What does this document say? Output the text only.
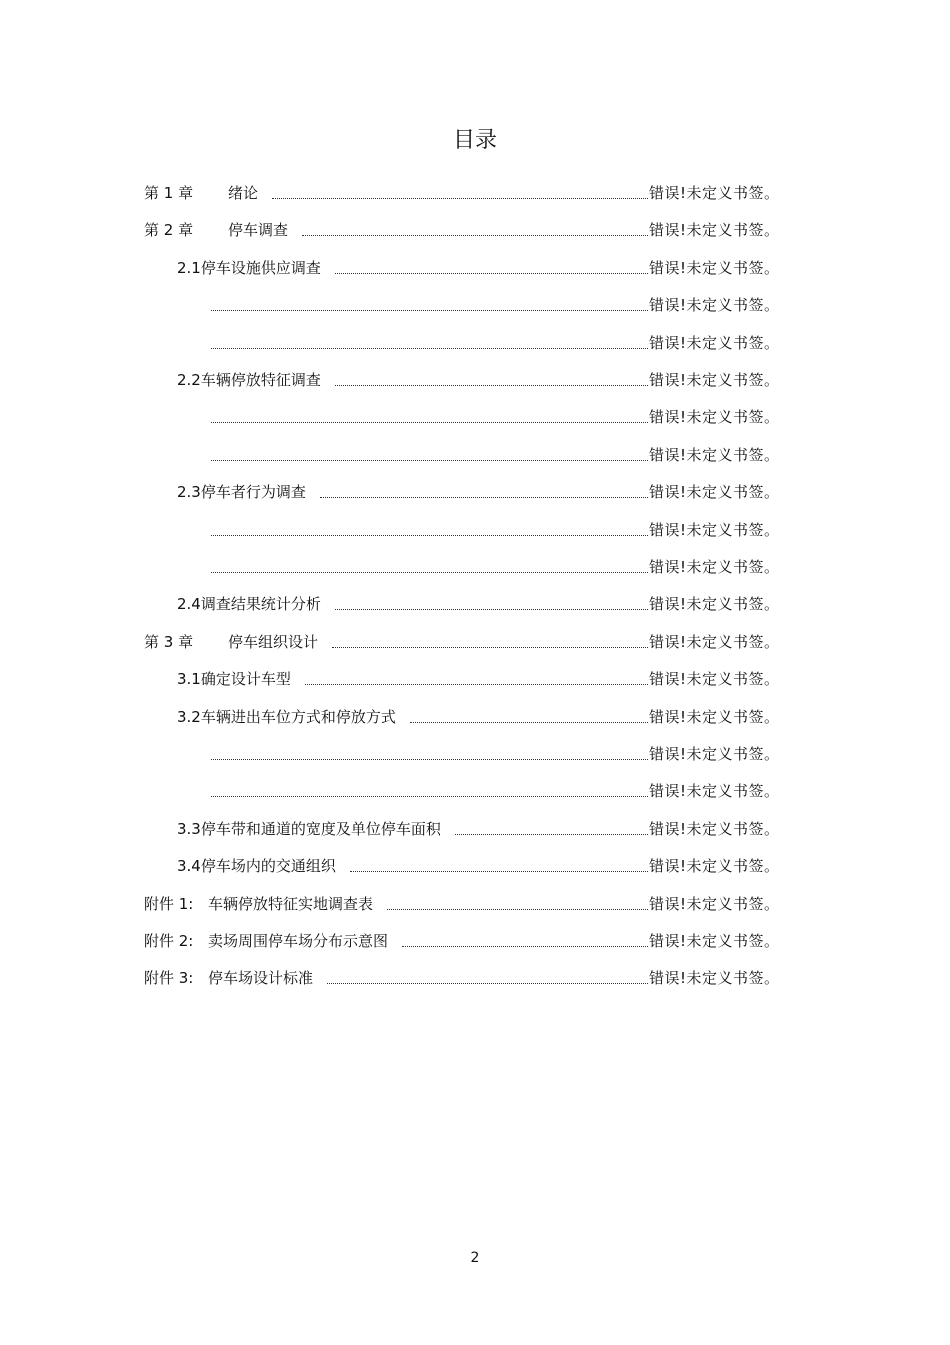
目录
第 1 章	绪论	错误!未定义书签。
第 2 章	停车调查	错误!未定义书签。
2.1停车设施供应调查	错误!未定义书签。
错误!未定义书签。
错误!未定义书签。
2.2车辆停放特征调查	错误!未定义书签。
错误!未定义书签。
错误!未定义书签。
2.3停车者行为调查	错误!未定义书签。
错误!未定义书签。
错误!未定义书签。
2.4调查结果统计分析	错误!未定义书签。
第 3 章	停车组织设计	错误!未定义书签。
3.1确定设计车型	错误!未定义书签。
3.2车辆进出车位方式和停放方式	错误!未定义书签。
错误!未定义书签。
错误!未定义书签。
3.3停车带和通道的宽度及单位停车面积	错误!未定义书签。
3.4停车场内的交通组织	错误!未定义书签。
附件 1: 车辆停放特征实地调查表	错误!未定义书签。
附件 2: 卖场周围停车场分布示意图	错误!未定义书签。
附件 3: 停车场设计标准	错误!未定义书签。
2
